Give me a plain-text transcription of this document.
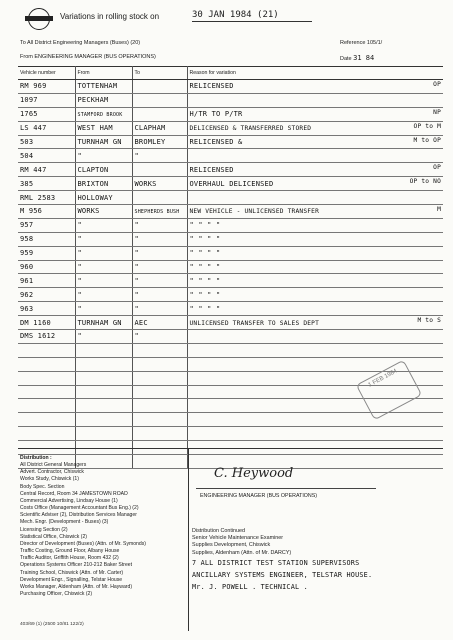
Variations in rolling stock on	30 JAN 1984 (21)
To All District Engineering Managers (Buses) (20)	Reference 105/1/
From ENGINEERING MANAGER (BUS OPERATIONS)	Date 31 84
Vehicle number	From	To	Reason for variation
RM 969	TOTTENHAM		RELICENSED OP

1097	PECKHAM		

1765	STAMFORD BROOK		H/TR TO P/TR NP

LS 447	WEST HAM	CLAPHAM	DELICENSED & TRANSFERRED STORED OP to M

503	TURNHAM GN	BROMLEY	RELICENSED & M to OP

504	"	"	

RM 447	CLAPTON		RELICENSED OP

385	BRIXTON	WORKS	OVERHAUL DELICENSED OP to NO

RML 2583	HOLLOWAY		

M 956	WORKS	SHEPHERDS BUSH	NEW VEHICLE - UNLICENSED TRANSFER M

957	"	"	" " " "

958	"	"	" " " "

959	"	"	" " " "

960	"	"	" " " "

961	"	"	" " " "

962	"	"	" " " "

963	"	"	" " " "

DM 1160	TURNHAM GN	AEC	UNLICENSED TRANSFER TO SALES DEPT M to S

DMS 1612	"	"	

1 FEB 1984
Distribution :
All District General Managers
Advert. Contractor, Chiswick
Works Study, Chiswick (1)
Body Spec. Section
Central Record, Room 34 JAMESTOWN ROAD
Commercial Advertising, Lindsay House (1)
Costs Office (Management Accountant Bus Eng.) (2)
Scientific Adviser (2), Distribution Services Manager
Mech. Engr. (Development - Buses) (3)
Licensing Section (2)
Statistical Office, Chiswick (2)
Director of Development (Buses) (Attn. of Mr. Symonds)
Traffic Costing, Ground Floor, Albany House
Traffic Auditor, Griffith House, Room 432 (2)
Operations Systems Officer 210-212 Baker Street
Training School, Chiswick (Attn. of Mr. Carter)
Development Engr., Signalling, Telstar House
Works Manager, Aldenham (Attn. of Mr. Hayward)
Purchasing Officer, Chiswick (2)
C. Heywood
ENGINEERING MANAGER (BUS OPERATIONS)
Distribution Continued
Senior Vehicle Maintenance Examiner
Supplies Development, Chiswick
Supplies, Aldenham (Attn. of Mr. DARCY)
7 ALL DISTRICT TEST STATION SUPERVISORS
ANCILLARY SYSTEMS ENGINEER, TELSTAR HOUSE.
Mr. J. POWELL . TECHNICAL .
403/69 (1) (2500 10/81 122/2)
